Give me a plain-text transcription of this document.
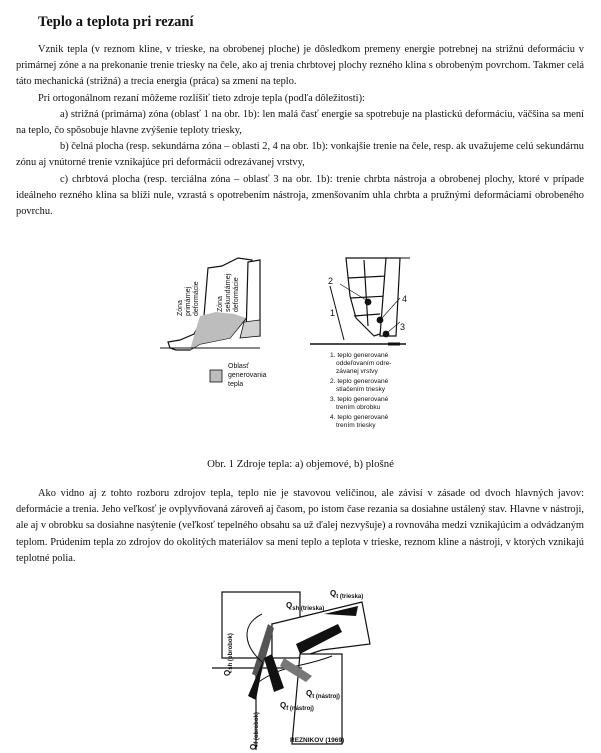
Teplo a teplota pri rezaní

Vznik tepla (v reznom kline, v trieske, na obrobenej ploche) je dôsledkom premeny energie potrebnej na strižnú deformáciu v primárnej zóne a na prekonanie trenie triesky na čele, ako aj trenia chrbtovej plochy rezného klina s obrobeným povrchom. Takmer celá táto mechanická (strižná) a trecia energia (práca) sa zmení na teplo.

Pri ortogonálnom rezaní môžeme rozlíšiť tieto zdroje tepla (podľa dôležitosti):

a) strižná (primárna) zóna (oblasť 1 na obr. 1b): len malá časť energie sa spotrebuje na plastickú deformáciu, väčšina sa mení na teplo, čo spôsobuje hlavne zvýšenie teploty triesky,

b) čelná plocha (resp. sekundárna zóna – oblasti 2, 4 na obr. 1b): vonkajšie trenie na čele, resp. ak uvažujeme celú sekundárnu zónu aj vnútorné trenie vznikajúce pri deformácii odrezávanej vrstvy,

c) chrbtová plocha (resp. terciálna zóna – oblasť 3 na obr. 1b): trenie chrbta nástroja a obrobenej plochy, ktoré v prípade ideálneho rezného klina sa blíži nule, vzrastá s opotrebením nástroja, zmenšovaním uhla chrbta a pružnými deformáciami obrobeného povrchu.

Zóna primárnej deformácie Zóna sekundárnej deformácie
Oblasť generovania tepla
1
2
3
4
1. teplo generované
oddeľovaním odre-
závanej vrstvy
2. teplo generované
stlačením triesky
3. teplo generované
trením obrobku
4. teplo generované
trením triesky
Obr. 1 Zdroje tepla: a) objemové, b) plošné

Ako vidno aj z tohto rozboru zdrojov tepla, teplo nie je stavovou veličinou, ale závisí v zásade od dvoch hlavných javov: deformácie a trenia. Jeho veľkosť je ovplyvňovaná zároveň aj časom, po istom čase rezania sa dosiahne ustálený stav. Hlavne v nástroji, ale aj v obrobku sa dosiahne nasýtenie (veľkosť tepelného obsahu sa už ďalej nezvyšuje) a rovnováha medzi vznikajúcim a odvádzaným teplom. Prúdením tepla zo zdrojov do okolitých materiálov sa mení teplo a teplota v trieske, reznom kline a nástroji, v ktorých vznikajú teplotné polia.

$Q_{sh (obrobok)}$
$Q_{sh (trieska)}$
$Q_{t (trieska)}$
$Q_{t (nástroj)}$
$Q_{f (nástroj)}$
$Q_{f (obrobok)}$	REZNIKOV (1969)
